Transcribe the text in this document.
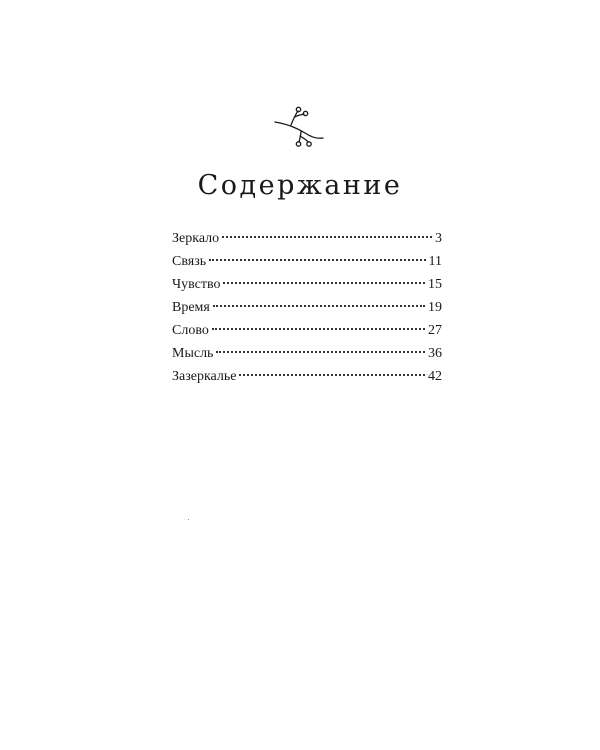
Содержание
Зеркало	3
Связь	11
Чувство	15
Время	19
Слово	27
Мысль	36
Зазеркалье	42
